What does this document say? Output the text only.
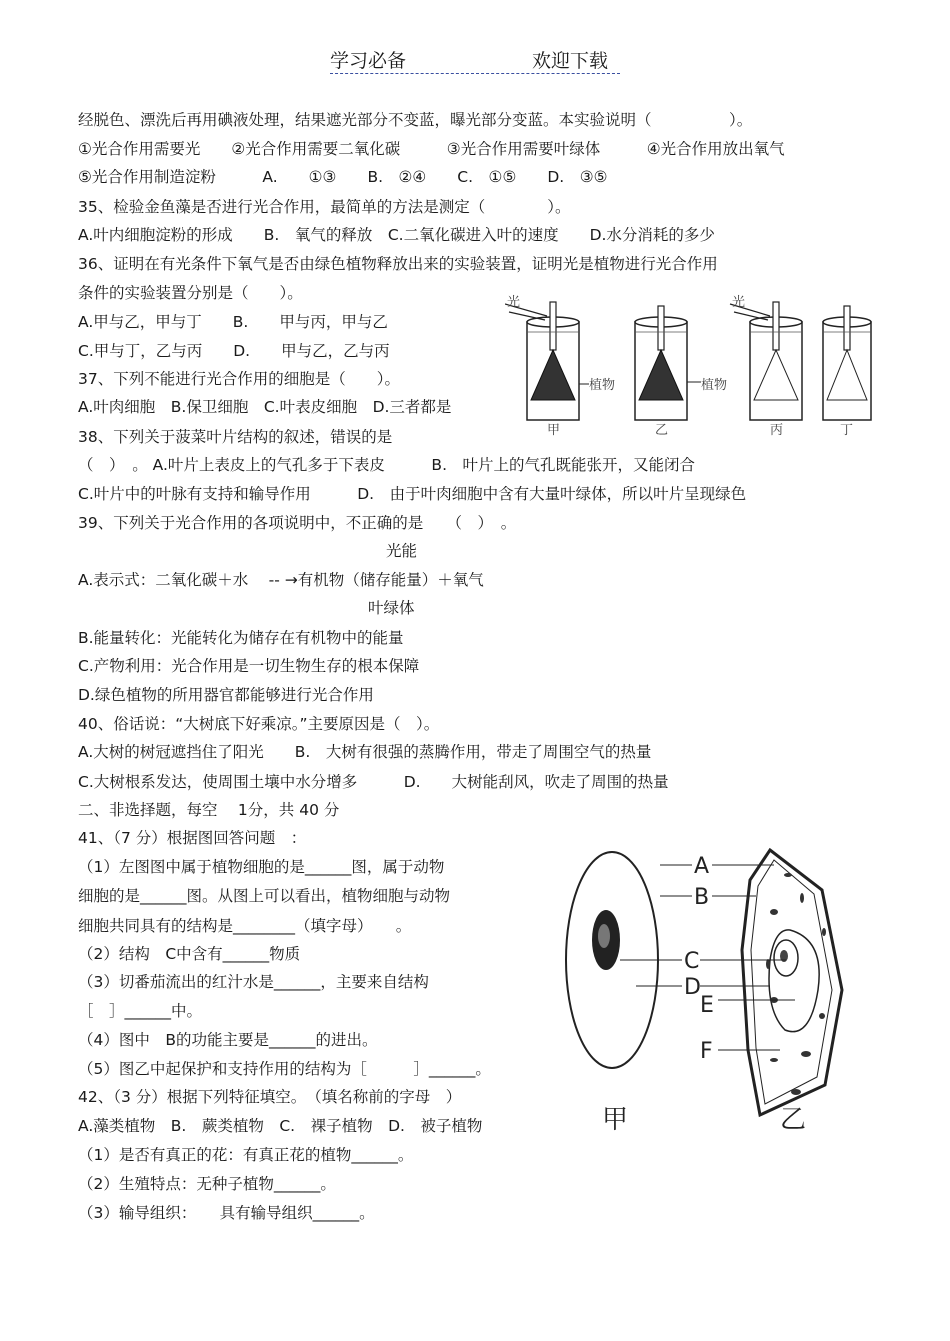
学习必备	欢迎下载
经脱色、漂洗后再用碘液处理，结果遮光部分不变蓝，曝光部分变蓝。本实验说明（　　　　　）。
①光合作用需要光　　②光合作用需要二氧化碳　　　③光合作用需要叶绿体　　　④光合作用放出氧气
⑤光合作用制造淀粉　　　A.　　①③　　B.　②④　　C.　①⑤　　D.　③⑤
35、检验金鱼藻是否进行光合作用，最简单的方法是测定（　　　　）。
A.叶内细胞淀粉的形成　　B.　氧气的释放　C.二氧化碳进入叶的速度　　D.水分消耗的多少
36、证明在有光条件下氧气是否由绿色植物释放出来的实验装置，证明光是植物进行光合作用
条件的实验装置分别是（　　）。
A.甲与乙，甲与丁　　B.　　甲与丙，甲与乙
C.甲与丁，乙与丙　　D.　　甲与乙，乙与丙
37、下列不能进行光合作用的细胞是（　　）。
A.叶肉细胞　B.保卫细胞　C.叶表皮细胞　D.三者都是
38、下列关于菠菜叶片结构的叙述，错误的是
（　）　。 A.叶片上表皮上的气孔多于下表皮　　　B.　叶片上的气孔既能张开，又能闭合
C.叶片中的叶脉有支持和输导作用　　　D.　由于叶肉细胞中含有大量叶绿体，所以叶片呈现绿色
39、下列关于光合作用的各项说明中，不正确的是　　（　）　。
光能
A.表示式：二氧化碳＋水　 -- →有机物（储存能量）＋氧气
叶绿体
B.能量转化：光能转化为储存在有机物中的能量
C.产物利用：光合作用是一切生物生存的根本保障
D.绿色植物的所用器官都能够进行光合作用
40、俗话说：“大树底下好乘凉。”主要原因是（　）。
A.大树的树冠遮挡住了阳光　　B.　大树有很强的蒸腾作用，带走了周围空气的热量
C.大树根系发达，使周围土壤中水分增多　　　D.　　大树能刮风，吹走了周围的热量
二、非选择题，每空　 1分，共 40 分
41、（7 分）根据图回答问题　：
（1）左图图中属于植物细胞的是______图，属于动物
细胞的是______图。从图上可以看出，植物细胞与动物
细胞共同具有的结构是________（填字母）　　。
（2）结构　C中含有______物质
（3）切番茄流出的红汁水是______，主要来自结构
［　］______中。
（4）图中　B的功能主要是______的进出。
（5）图乙中起保护和支持作用的结构为［　　　］______。
42、（3 分）根据下列特征填空。　（填名称前的字母　）
A.藻类植物　B.　蕨类植物　C.　裸子植物　D.　被子植物
（1）是否有真正的花：有真正花的植物______。
（2）生殖特点：无种子植物______。
（3）输导组织：　　具有输导组织______。
光	光
植物	植物
甲	乙	丙	丁
A
B
C
D
E
F
甲	乙
